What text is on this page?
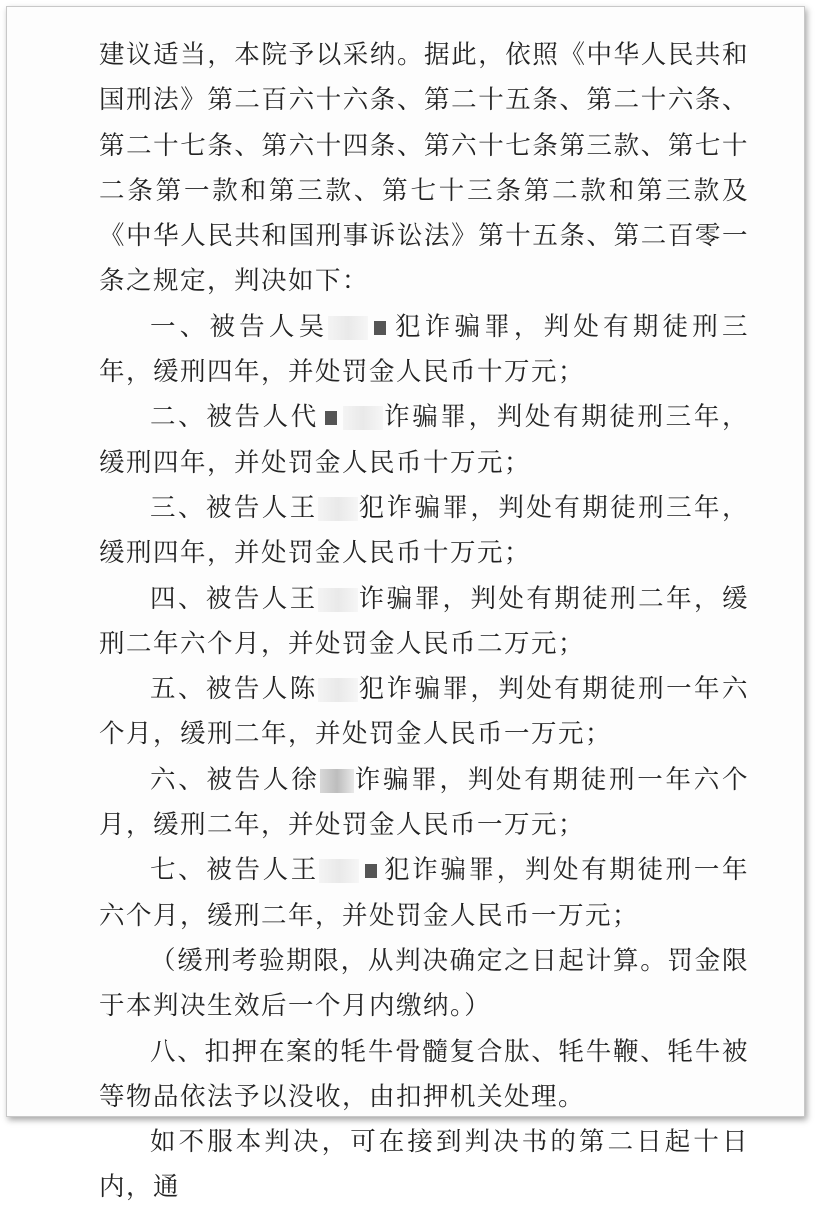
建议适当，本院予以采纳。据此，依照《中华人民共和国刑法》第二百六十六条、第二十五条、第二十六条、第二十七条、第六十四条、第六十七条第三款、第七十二条第一款和第三款、第七十三条第二款和第三款及《中华人民共和国刑事诉讼法》第十五条、第二百零一条之规定，判决如下：

一、被告人吴	犯诈骗罪，判处有期徒刑三年，缓刑四年，并处罚金人民币十万元；

二、被告人代	诈骗罪，判处有期徒刑三年，缓刑四年，并处罚金人民币十万元；

三、被告人王 犯诈骗罪，判处有期徒刑三年，缓刑四年，并处罚金人民币十万元；

四、被告人王 诈骗罪，判处有期徒刑二年，缓刑二年六个月，并处罚金人民币二万元；

五、被告人陈 犯诈骗罪，判处有期徒刑一年六个月，缓刑二年，并处罚金人民币一万元；

六、被告人徐 诈骗罪，判处有期徒刑一年六个月，缓刑二年，并处罚金人民币一万元；

七、被告人王	犯诈骗罪，判处有期徒刑一年六个月，缓刑二年，并处罚金人民币一万元；

（缓刑考验期限，从判决确定之日起计算。罚金限于本判决生效后一个月内缴纳。）

八、扣押在案的牦牛骨髓复合肽、牦牛鞭、牦牛被等物品依法予以没收，由扣押机关处理。

如不服本判决，可在接到判决书的第二日起十日内，通
